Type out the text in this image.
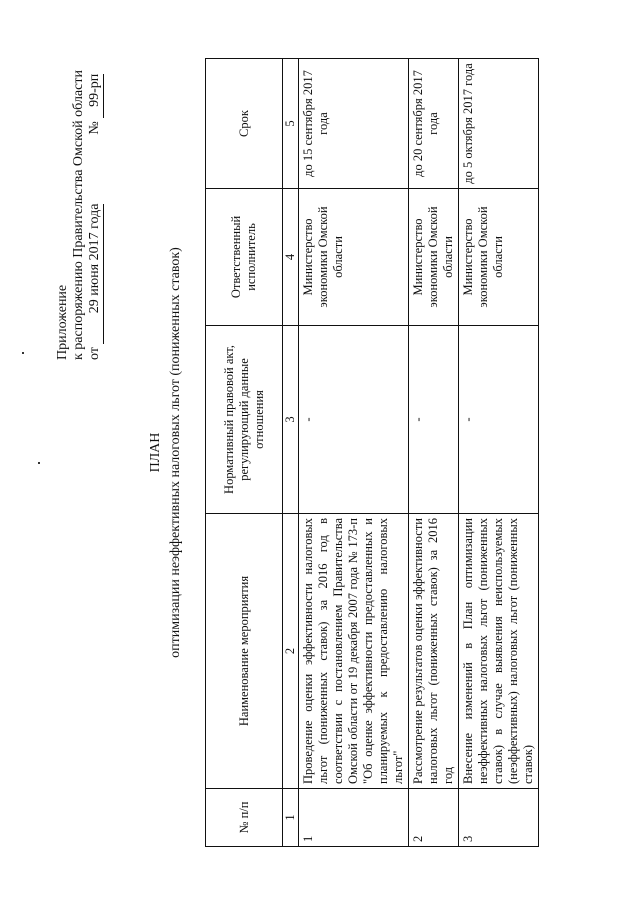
Приложение к распоряжению Правительства Омской области от 29 июня 2017 года  № 99-рп
ПЛАН оптимизации неэффективных налоговых льгот (пониженных ставок)
№ п/п	Наименование мероприятия	Нормативный правовой акт, регулирующий данные отношения	Ответственный исполнитель	Срок
1	2	3	4	5
1	Проведение оценки эффективности налоговых льгот (пониженных ставок) за 2016 год в соответствии с постановлением Правительства Омской области от 19 декабря 2007 года № 173-п "Об оценке эффективности предоставленных и планируемых к предоставлению налоговых льгот"	-	Министерство экономики Омской области	до 15 сентября 2017 года
2	Рассмотрение результатов оценки эффективности налоговых льгот (пониженных ставок) за 2016 год	-	Министерство экономики Омской области	до 20 сентября 2017 года
3	Внесение изменений в План оптимизации неэффективных налоговых льгот (пониженных ставок) в случае выявления неиспользуемых (неэффективных) налоговых льгот (пониженных ставок)	-	Министерство экономики Омской области	до 5 октября 2017 года
